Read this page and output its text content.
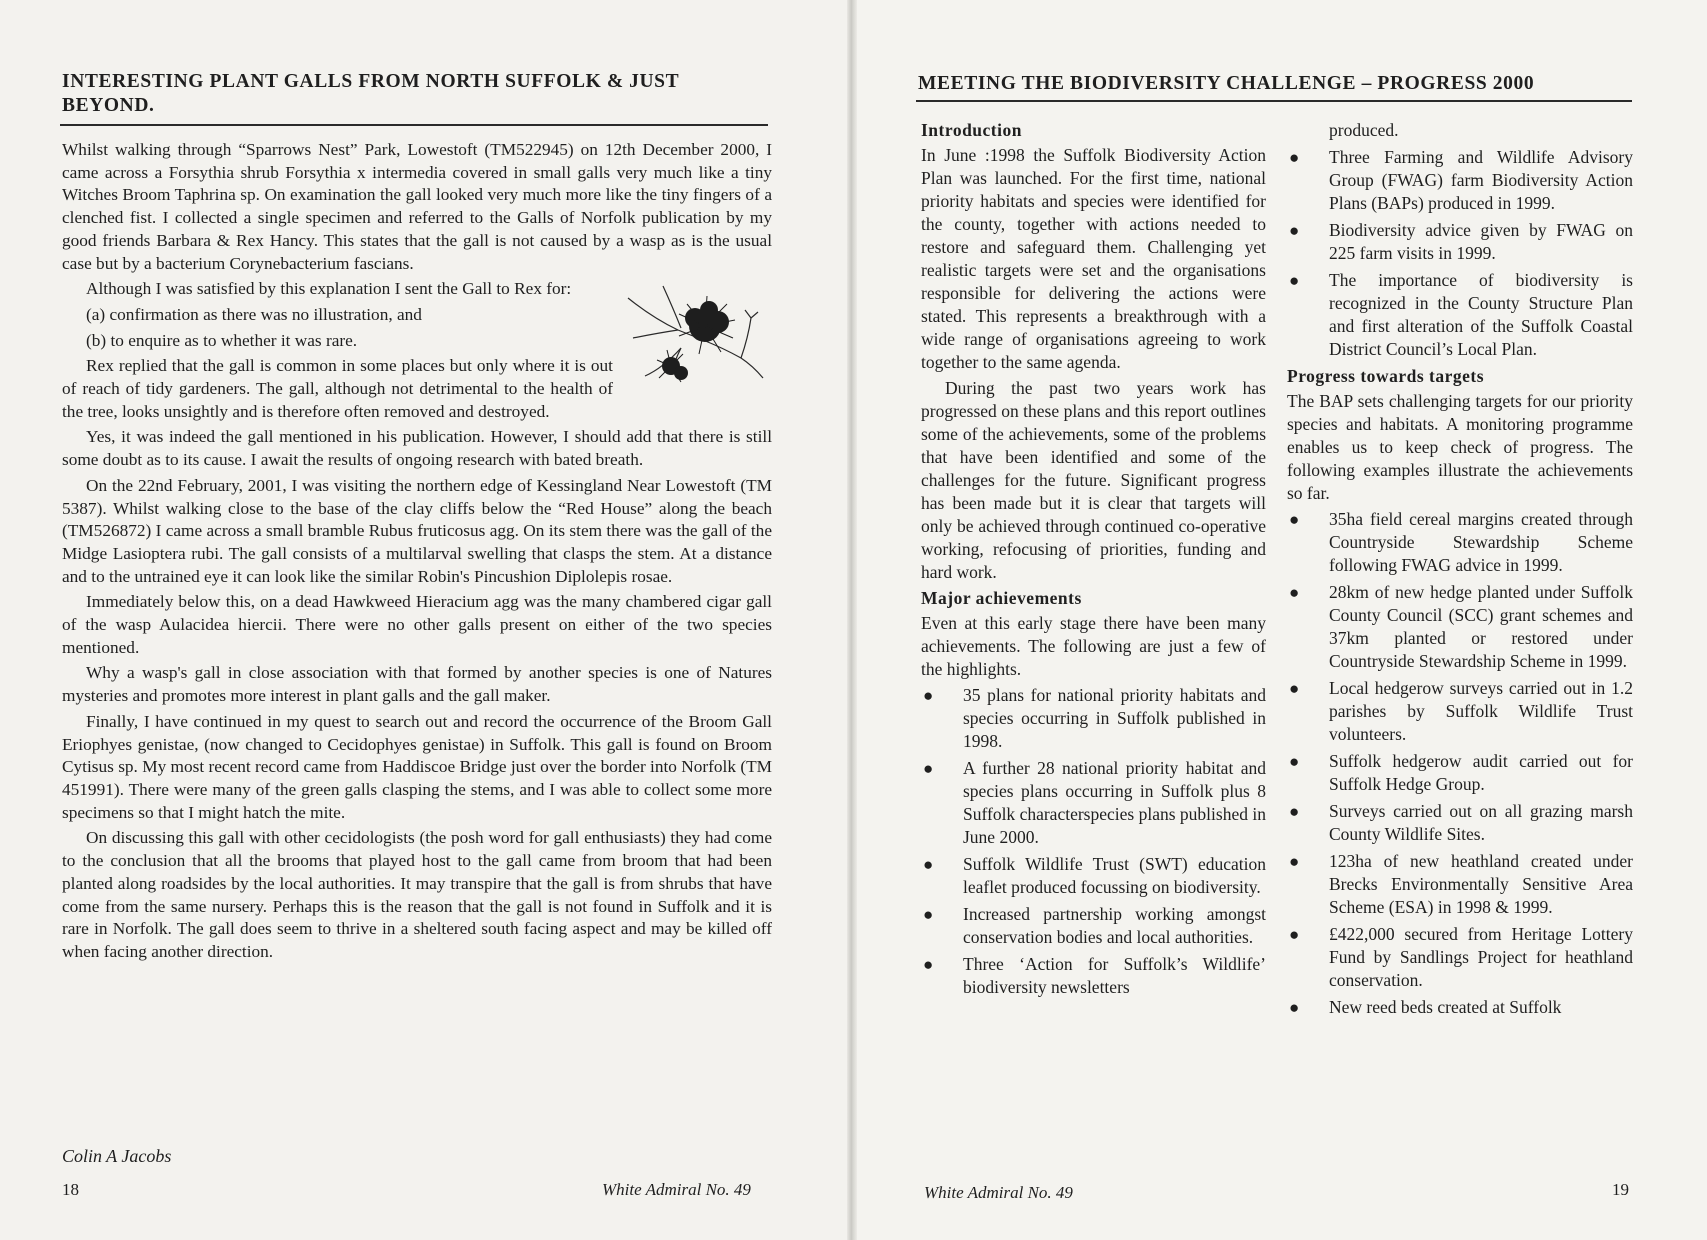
INTERESTING PLANT GALLS FROM NORTH SUFFOLK & JUST BEYOND.

Whilst walking through “Sparrows Nest” Park, Lowestoft (TM522945) on 12th December 2000, I came across a Forsythia shrub Forsythia x intermedia covered in small galls very much like a tiny Witches Broom Taphrina sp. On examination the gall looked very much more like the tiny fingers of a clenched fist. I collected a single specimen and referred to the Galls of Norfolk publication by my good friends Barbara & Rex Hancy. This states that the gall is not caused by a wasp as is the usual case but by a bacterium Corynebacterium fascians.

Although I was satisfied by this explanation I sent the Gall to Rex for:

(a) confirmation as there was no illustration, and

(b) to enquire as to whether it was rare.

Rex replied that the gall is common in some places but only where it is out of reach of tidy gardeners. The gall, although not detrimental to the health of the tree, looks unsightly and is therefore often removed and destroyed.

Yes, it was indeed the gall mentioned in his publication. However, I should add that there is still some doubt as to its cause. I await the results of ongoing research with bated breath.

On the 22nd February, 2001, I was visiting the northern edge of Kessingland Near Lowestoft (TM 5387). Whilst walking close to the base of the clay cliffs below the “Red House” along the beach (TM526872) I came across a small bramble Rubus fruticosus agg. On its stem there was the gall of the Midge Lasioptera rubi. The gall consists of a multilarval swelling that clasps the stem. At a distance and to the untrained eye it can look like the similar Robin's Pincushion Diplolepis rosae.

Immediately below this, on a dead Hawkweed Hieracium agg was the many chambered cigar gall of the wasp Aulacidea hiercii. There were no other galls present on either of the two species mentioned.

Why a wasp's gall in close association with that formed by another species is one of Natures mysteries and promotes more interest in plant galls and the gall maker.

Finally, I have continued in my quest to search out and record the occurrence of the Broom Gall Eriophyes genistae, (now changed to Cecidophyes genistae) in Suffolk. This gall is found on Broom Cytisus sp. My most recent record came from Haddiscoe Bridge just over the border into Norfolk (TM 451991). There were many of the green galls clasping the stems, and I was able to collect some more specimens so that I might hatch the mite.

On discussing this gall with other cecidologists (the posh word for gall enthusiasts) they had come to the conclusion that all the brooms that played host to the gall came from broom that had been planted along roadsides by the local authorities. It may transpire that the gall is from shrubs that have come from the same nursery. Perhaps this is the reason that the gall is not found in Suffolk and it is rare in Norfolk. The gall does seem to thrive in a sheltered south facing aspect and may be killed off when facing another direction.

Colin A Jacobs
18	White Admiral No. 49
MEETING THE BIODIVERSITY CHALLENGE – PROGRESS 2000
Introduction

In June :1998 the Suffolk Biodiversity Action Plan was launched. For the first time, national priority habitats and species were identified for the county, together with actions needed to restore and safeguard them. Challenging yet realistic targets were set and the organisations responsible for delivering the actions were stated. This represents a breakthrough with a wide range of organisations agreeing to work together to the same agenda.

During the past two years work has progressed on these plans and this report outlines some of the achievements, some of the problems that have been identified and some of the challenges for the future. Significant progress has been made but it is clear that targets will only be achieved through continued co-operative working, refocusing of priorities, funding and hard work.

Major achievements

Even at this early stage there have been many achievements. The following are just a few of the highlights.

● 35 plans for national priority habitats and species occurring in Suffolk published in 1998.
● A further 28 national priority habitat and species plans occurring in Suffolk plus 8 Suffolk characterspecies plans published in June 2000.
● Suffolk Wildlife Trust (SWT) education leaflet produced focussing on biodiversity.
● Increased partnership working amongst conservation bodies and local authorities.
● Three ‘Action for Suffolk’s Wildlife’ biodiversity newsletters
produced.
● Three Farming and Wildlife Advisory Group (FWAG) farm Biodiversity Action Plans (BAPs) produced in 1999.
● Biodiversity advice given by FWAG on 225 farm visits in 1999.
● The importance of biodiversity is recognized in the County Structure Plan and first alteration of the Suffolk Coastal District Council’s Local Plan.
Progress towards targets

The BAP sets challenging targets for our priority species and habitats. A monitoring programme enables us to keep check of progress. The following examples illustrate the achievements so far.

● 35ha field cereal margins created through Countryside Stewardship Scheme following FWAG advice in 1999.
● 28km of new hedge planted under Suffolk County Council (SCC) grant schemes and 37km planted or restored under Countryside Stewardship Scheme in 1999.
● Local hedgerow surveys carried out in 1.2 parishes by Suffolk Wildlife Trust volunteers.
● Suffolk hedgerow audit carried out for Suffolk Hedge Group.
● Surveys carried out on all grazing marsh County Wildlife Sites.
● 123ha of new heathland created under Brecks Environmentally Sensitive Area Scheme (ESA) in 1998 & 1999.
● £422,000 secured from Heritage Lottery Fund by Sandlings Project for heathland conservation.
● New reed beds created at Suffolk
White Admiral No. 49	19
